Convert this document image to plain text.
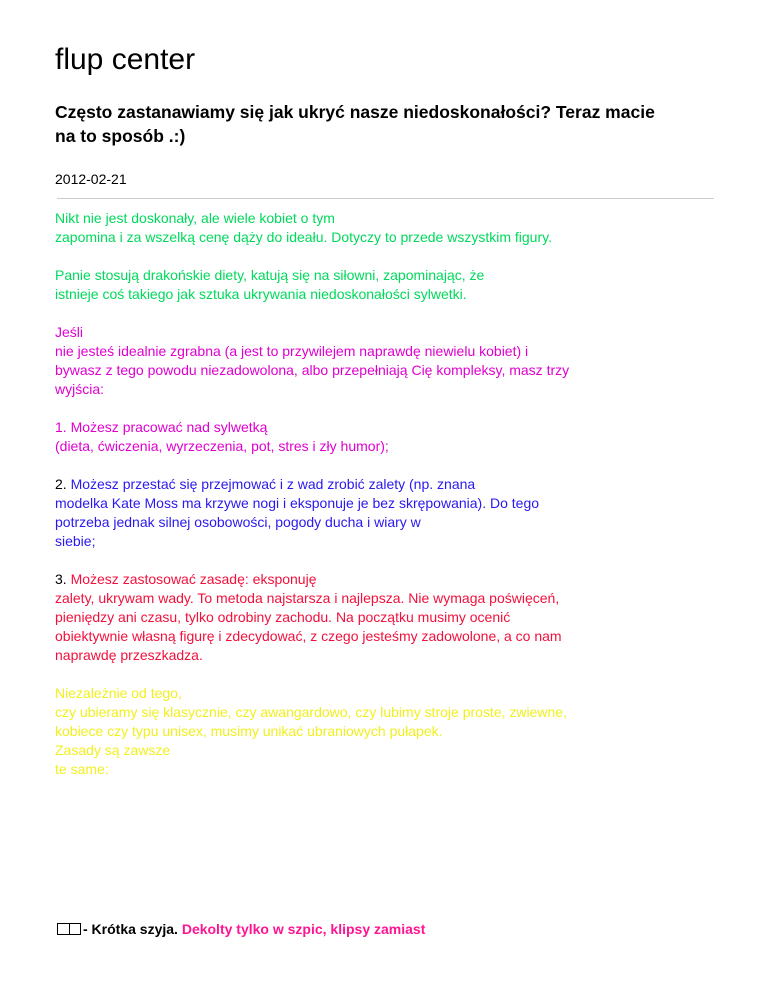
flup center
Często zastanawiamy się jak ukryć nasze niedoskonałości? Teraz macie
na to sposób .:)
2012-02-21

Nikt nie jest doskonały, ale wiele kobiet o tym
zapomina i za wszelką cenę dąży do ideału. Dotyczy to przede wszystkim figury.

Panie stosują drakońskie diety, katują się na siłowni, zapominając, że
istnieje coś takiego jak sztuka ukrywania niedoskonałości sylwetki.

Jeśli
nie jesteś idealnie zgrabna (a jest to przywilejem naprawdę niewielu kobiet) i
bywasz z tego powodu niezadowolona, albo przepełniają Cię kompleksy, masz trzy
wyjścia:

1. Możesz pracować nad sylwetką
(dieta, ćwiczenia, wyrzeczenia, pot, stres i zły humor);

2. Możesz przestać się przejmować i z wad zrobić zalety (np. znana
modelka Kate Moss ma krzywe nogi i eksponuje je bez skrępowania). Do tego
potrzeba jednak silnej osobowości, pogody ducha i wiary w
siebie;

3. Możesz zastosować zasadę: eksponuję
zalety, ukrywam wady. To metoda najstarsza i najlepsza. Nie wymaga poświęceń,
pieniędzy ani czasu, tylko odrobiny zachodu. Na początku musimy ocenić
obiektywnie własną figurę i zdecydować, z czego jesteśmy zadowolone, a co nam
naprawdę przeszkadza.

Niezależnie od tego,
czy ubieramy się klasycznie, czy awangardowo, czy lubimy stroje proste, zwiewne,
kobiece czy typu unisex, musimy unikać ubraniowych pułapek.
Zasady są zawsze
te same:

- Krótka szyja. Dekolty tylko w szpic, klipsy zamiast
